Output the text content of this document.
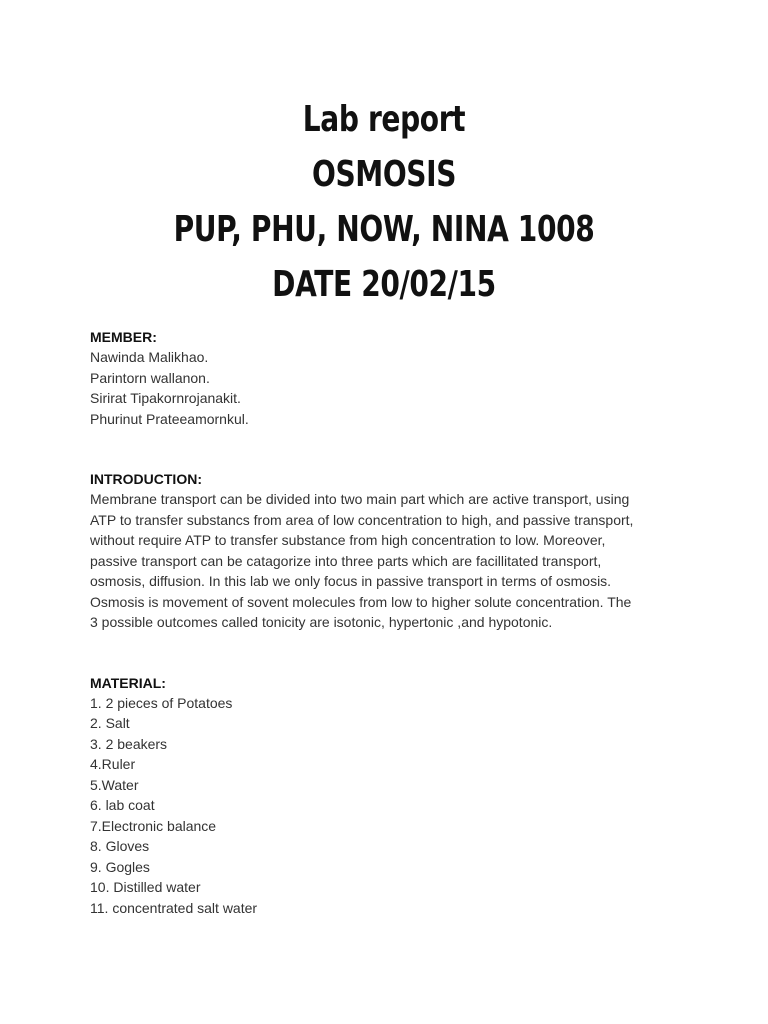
Lab report
OSMOSIS
PUP, PHU, NOW, NINA 1008
DATE 20/02/15
MEMBER:
Nawinda Malikhao.
Parintorn wallanon.
Sirirat Tipakornrojanakit.
Phurinut Prateeamornkul.
INTRODUCTION:
Membrane transport can be divided into two main part which are active transport, using
ATP to transfer substancs from area of low concentration to high, and passive transport,
without require ATP to transfer substance from high concentration to low. Moreover,
passive transport can be catagorize into three parts which are facillitated transport,
osmosis, diffusion. In this lab we only focus in passive transport in terms of osmosis.
Osmosis is movement of sovent molecules from low to higher solute concentration. The
3 possible outcomes called tonicity are isotonic, hypertonic ,and hypotonic.
MATERIAL:
1. 2 pieces of Potatoes
2. Salt
3. 2 beakers
4.Ruler
5.Water
6. lab coat
7.Electronic balance
8. Gloves
9. Gogles
10. Distilled water
11. concentrated salt water
